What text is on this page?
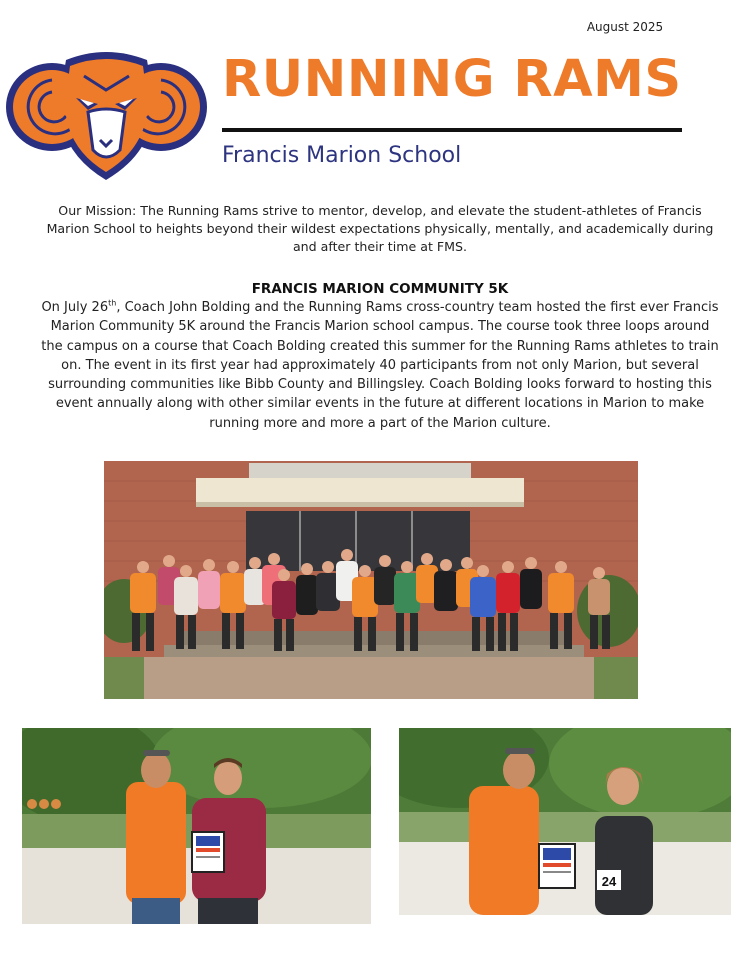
August 2025
RUNNING RAMS
Francis Marion School
Our Mission: The Running Rams strive to mentor, develop, and elevate the student-athletes of Francis Marion School to heights beyond their wildest expectations physically, mentally, and academically during and after their time at FMS.
FRANCIS MARION COMMUNITY 5K
On July 26th, Coach John Bolding and the Running Rams cross-country team hosted the first ever Francis Marion Community 5K around the Francis Marion school campus. The course took three loops around the campus on a course that Coach Bolding created this summer for the Running Rams athletes to train on. The event in its first year had approximately 40 participants from not only Marion, but several surrounding communities like Bibb County and Billingsley. Coach Bolding looks forward to hosting this event annually along with other similar events in the future at different locations in Marion to make running more and more a part of the Marion culture.
24
